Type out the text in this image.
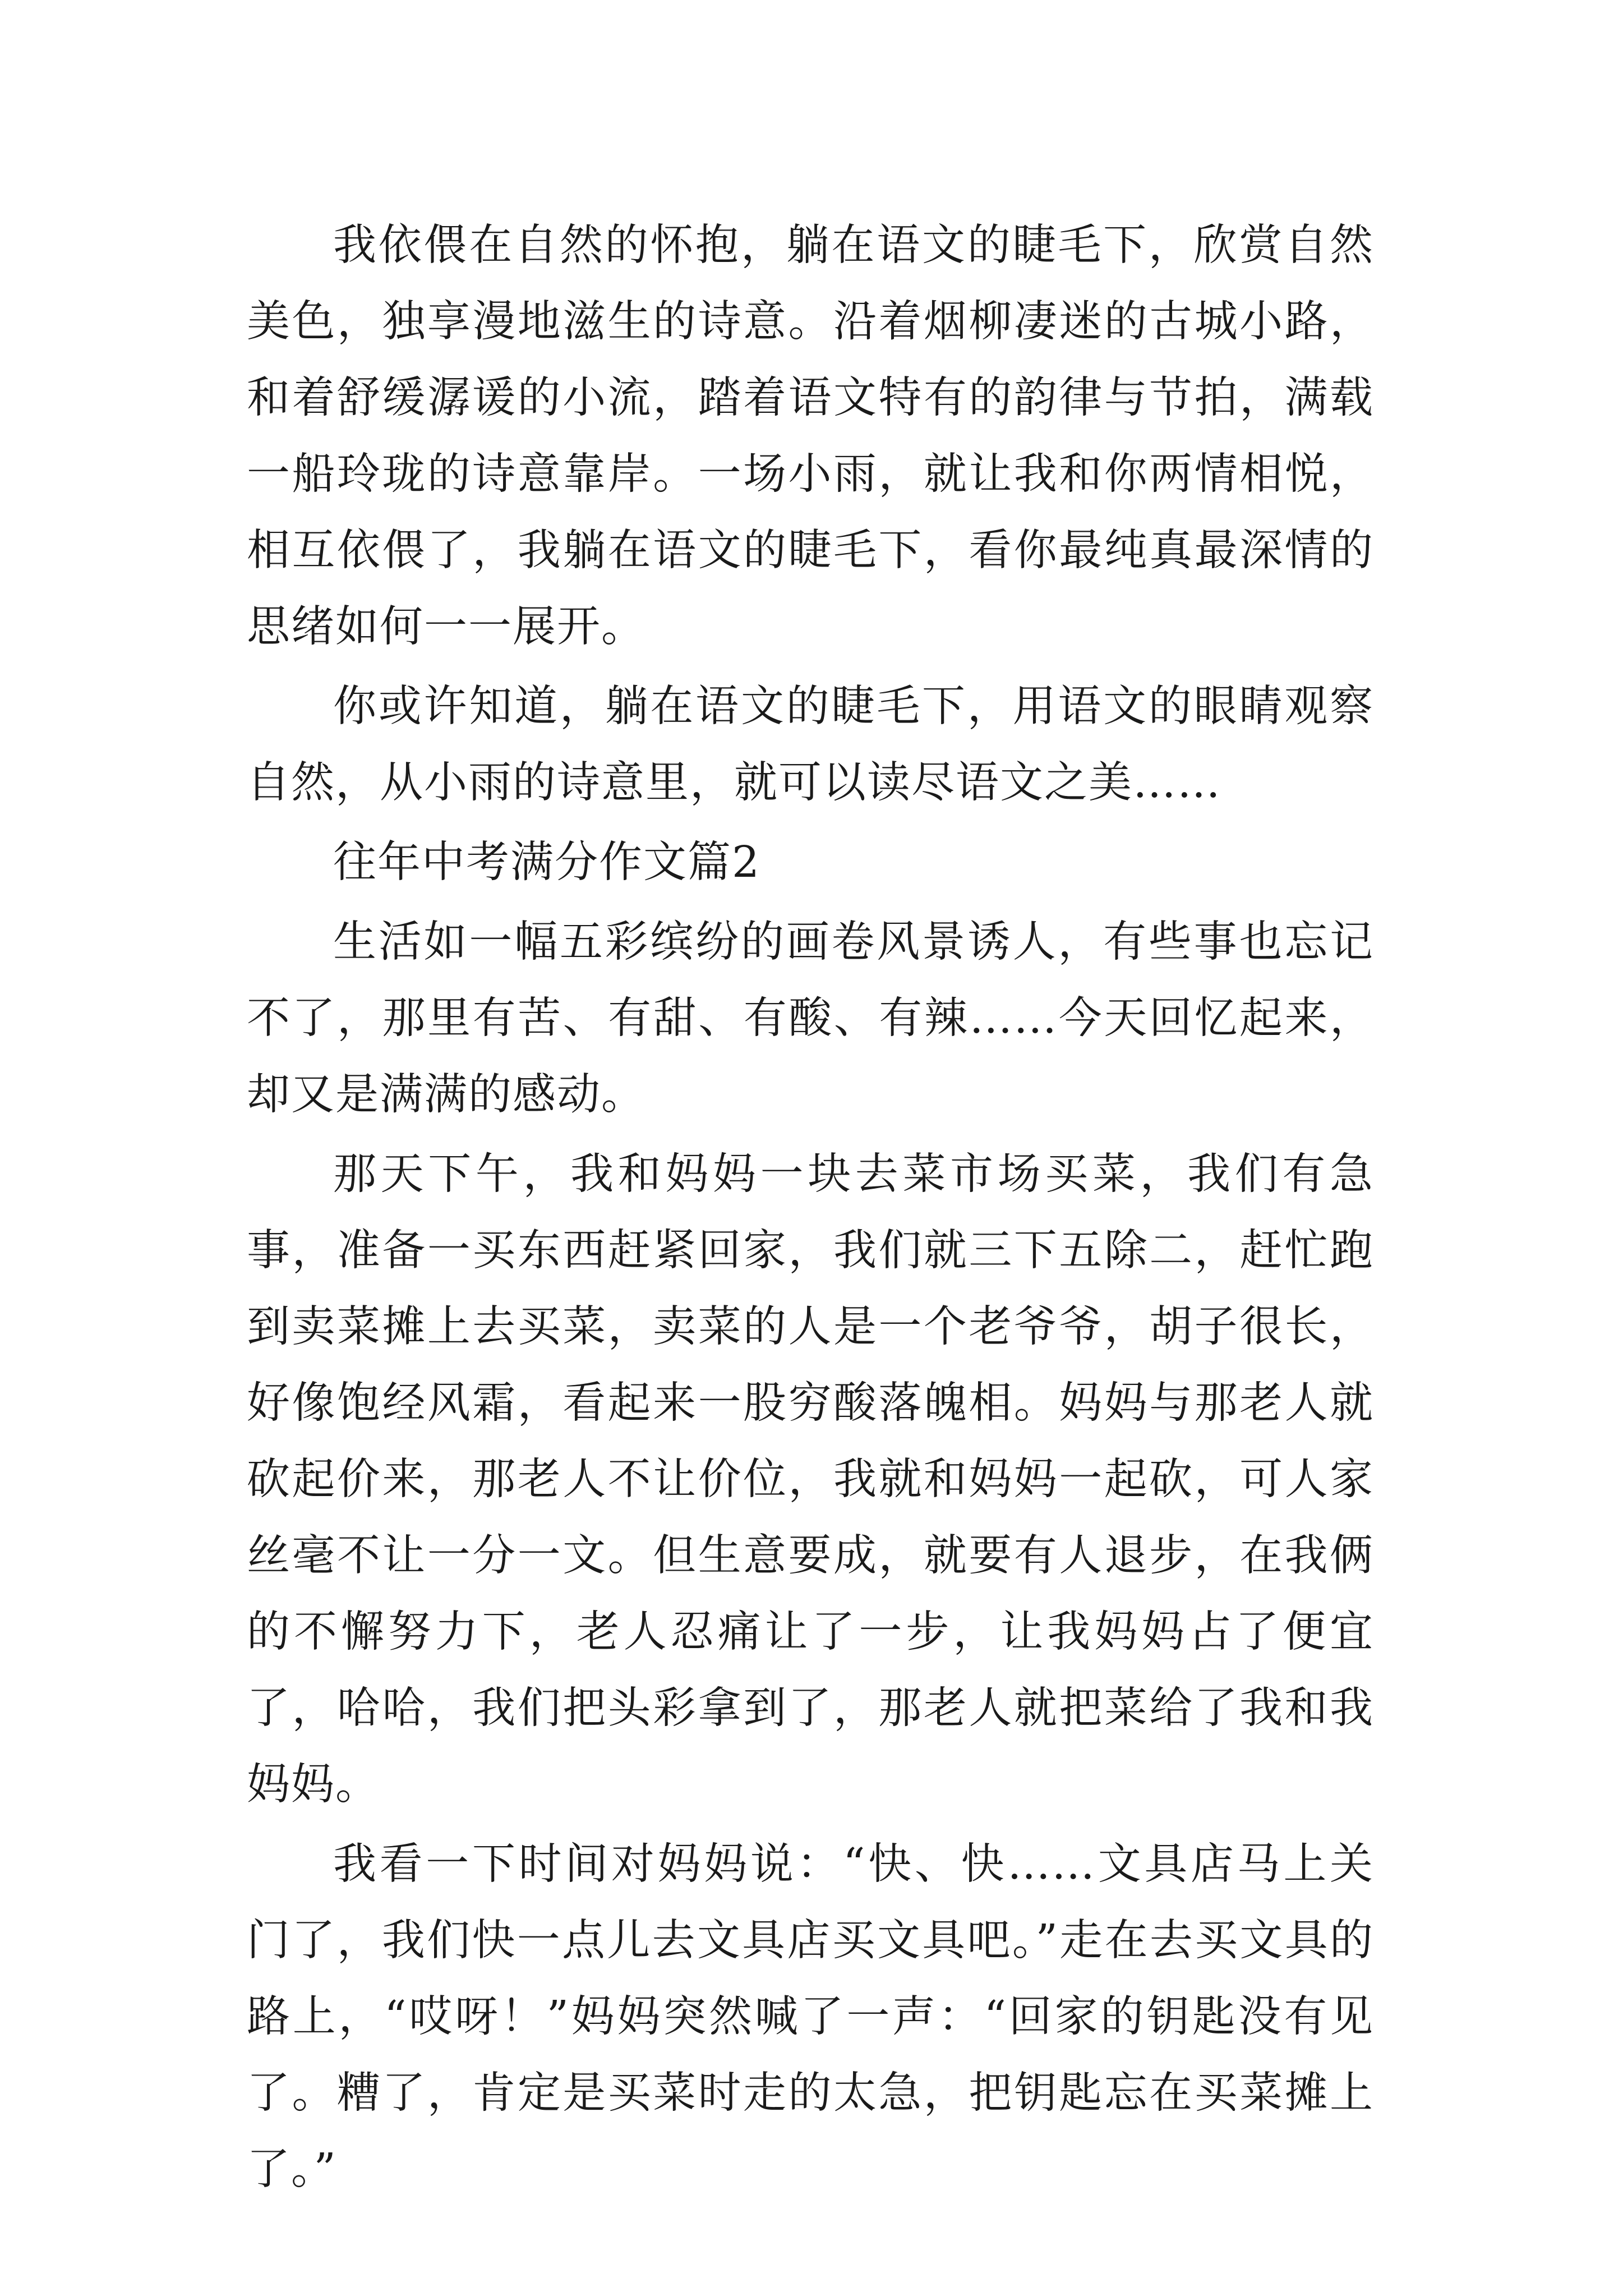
我依偎在自然的怀抱，躺在语文的睫毛下，欣赏自然美色，独享漫地滋生的诗意。沿着烟柳凄迷的古城小路，和着舒缓潺谖的小流，踏着语文特有的韵律与节拍，满载一船玲珑的诗意靠岸。一场小雨，就让我和你两情相悦，相互依偎了，我躺在语文的睫毛下，看你最纯真最深情的思绪如何一一展开。

你或许知道，躺在语文的睫毛下，用语文的眼睛观察自然，从小雨的诗意里，就可以读尽语文之美……

往年中考满分作文篇2

生活如一幅五彩缤纷的画卷风景诱人，有些事也忘记不了，那里有苦、有甜、有酸、有辣……今天回忆起来，却又是满满的感动。

那天下午，我和妈妈一块去菜市场买菜，我们有急事，准备一买东西赶紧回家，我们就三下五除二，赶忙跑到卖菜摊上去买菜，卖菜的人是一个老爷爷，胡子很长，好像饱经风霜，看起来一股穷酸落魄相。妈妈与那老人就砍起价来，那老人不让价位，我就和妈妈一起砍，可人家丝毫不让一分一文。但生意要成，就要有人退步，在我俩的不懈努力下，老人忍痛让了一步，让我妈妈占了便宜了，哈哈，我们把头彩拿到了，那老人就把菜给了我和我妈妈。

我看一下时间对妈妈说：“快、快……文具店马上关门了，我们快一点儿去文具店买文具吧。”走在去买文具的路上，“哎呀！”妈妈突然喊了一声：“回家的钥匙没有见了。糟了，肯定是买菜时走的太急，把钥匙忘在买菜摊上了。”
